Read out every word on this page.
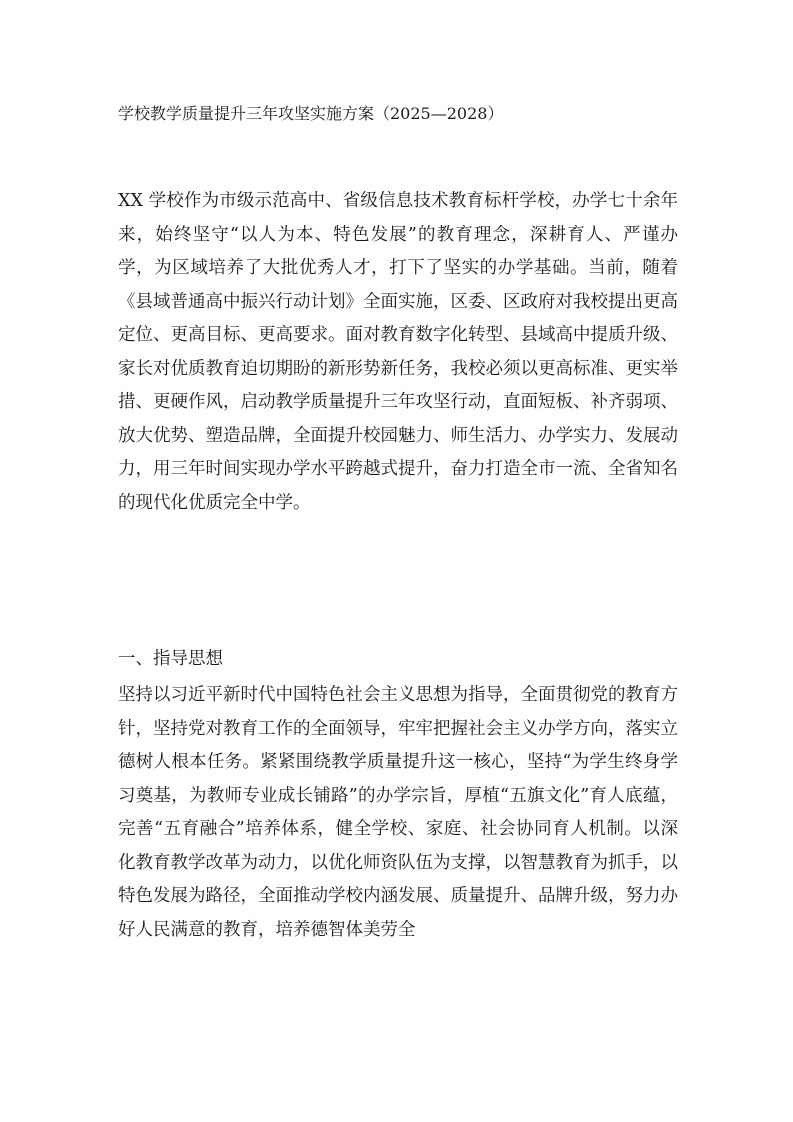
学校教学质量提升三年攻坚实施方案（2025—2028）

XX 学校作为市级示范高中、省级信息技术教育标杆学校，办学七十余年来，始终坚守“以人为本、特色发展”的教育理念，深耕育人、严谨办学，为区域培养了大批优秀人才，打下了坚实的办学基础。当前，随着《县域普通高中振兴行动计划》全面实施，区委、区政府对我校提出更高定位、更高目标、更高要求。面对教育数字化转型、县域高中提质升级、家长对优质教育迫切期盼的新形势新任务，我校必须以更高标准、更实举措、更硬作风，启动教学质量提升三年攻坚行动，直面短板、补齐弱项、放大优势、塑造品牌，全面提升校园魅力、师生活力、办学实力、发展动力，用三年时间实现办学水平跨越式提升，奋力打造全市一流、全省知名的现代化优质完全中学。

一、指导思想

坚持以习近平新时代中国特色社会主义思想为指导，全面贯彻党的教育方针，坚持党对教育工作的全面领导，牢牢把握社会主义办学方向，落实立德树人根本任务。紧紧围绕教学质量提升这一核心，坚持“为学生终身学习奠基，为教师专业成长铺路”的办学宗旨，厚植“五旗文化”育人底蕴，完善“五育融合”培养体系，健全学校、家庭、社会协同育人机制。以深化教育教学改革为动力，以优化师资队伍为支撑，以智慧教育为抓手，以特色发展为路径，全面推动学校内涵发展、质量提升、品牌升级，努力办好人民满意的教育，培养德智体美劳全
